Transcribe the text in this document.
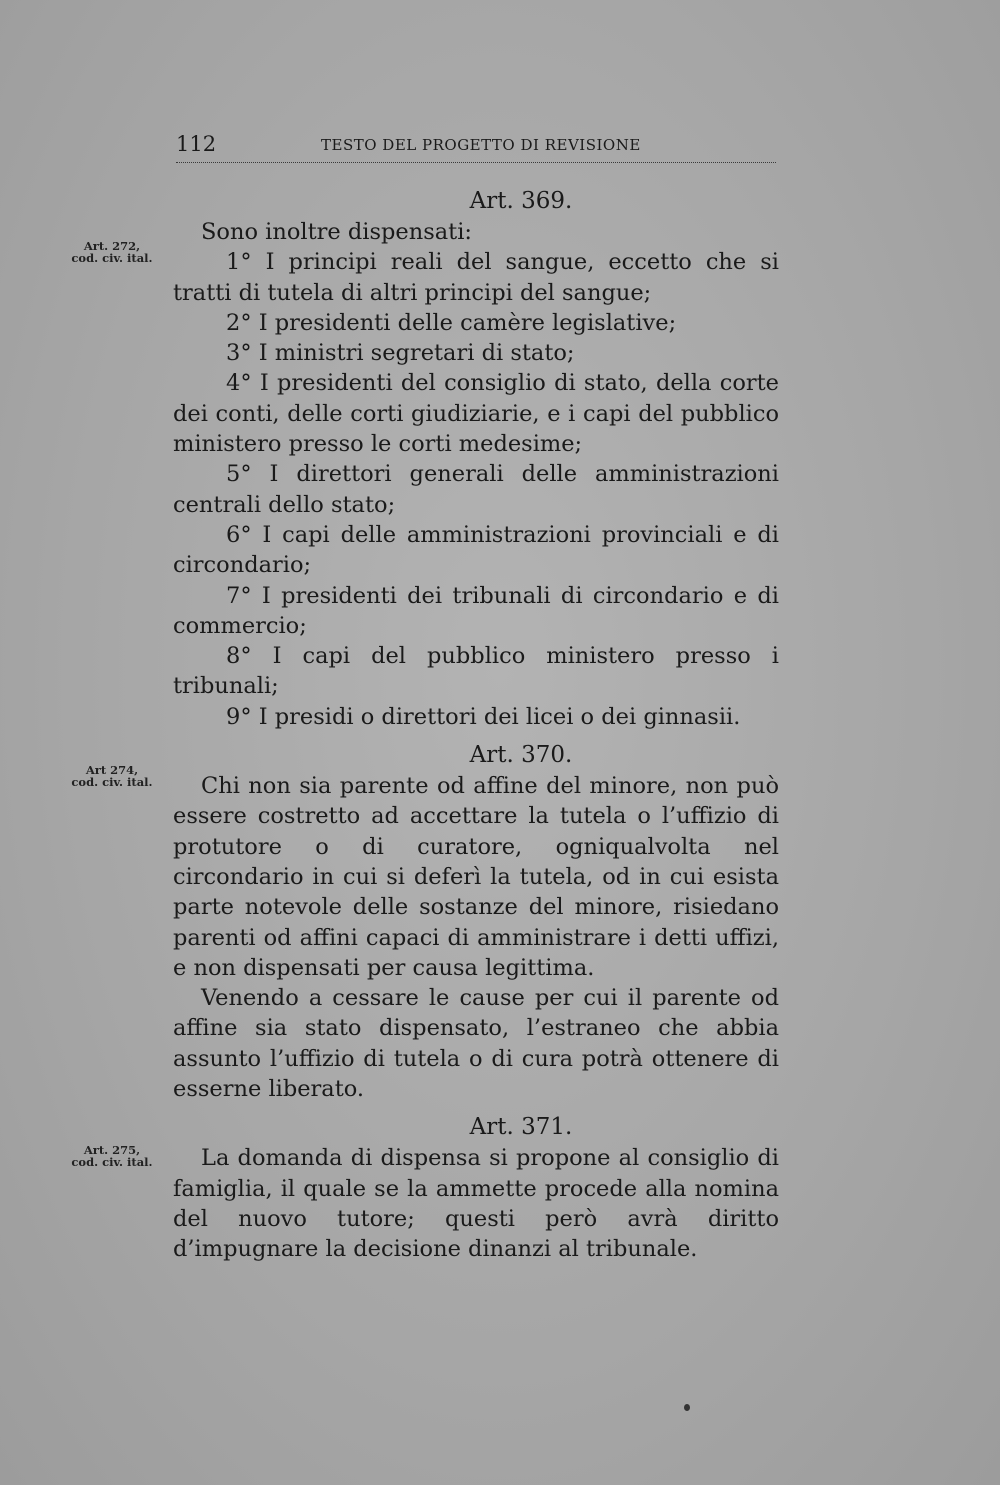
112	TESTO DEL PROGETTO DI REVISIONE
Art. 272,
cod. civ. ital.
Art 274,
cod. civ. ital.
Art. 275,
cod. civ. ital.
Art. 369.

Sono inoltre dispensati:

1° I principi reali del sangue, eccetto che si tratti di tutela di altri principi del sangue;

2° I presidenti delle camère legislative;

3° I ministri segretari di stato;

4° I presidenti del consiglio di stato, della corte dei conti, delle corti giudiziarie, e i capi del pubblico ministero presso le corti medesime;

5° I direttori generali delle amministrazioni centrali dello stato;

6° I capi delle amministrazioni provinciali e di circondario;

7° I presidenti dei tribunali di circondario e di commercio;

8° I capi del pubblico ministero presso i tribunali;

9° I presidi o direttori dei licei o dei ginnasii.

Art. 370.

Chi non sia parente od affine del minore, non può essere costretto ad accettare la tutela o l’uffizio di protutore o di curatore, ogniqualvolta nel circondario in cui si deferì la tutela, od in cui esista parte notevole delle sostanze del minore, risiedano parenti od affini capaci di amministrare i detti uffizi, e non dispensati per causa legittima.

Venendo a cessare le cause per cui il parente od affine sia stato dispensato, l’estraneo che abbia assunto l’uffizio di tutela o di cura potrà ottenere di esserne liberato.

Art. 371.

La domanda di dispensa si propone al consiglio di famiglia, il quale se la ammette procede alla nomina del nuovo tutore; questi però avrà diritto d’impugnare la decisione dinanzi al tribunale.
